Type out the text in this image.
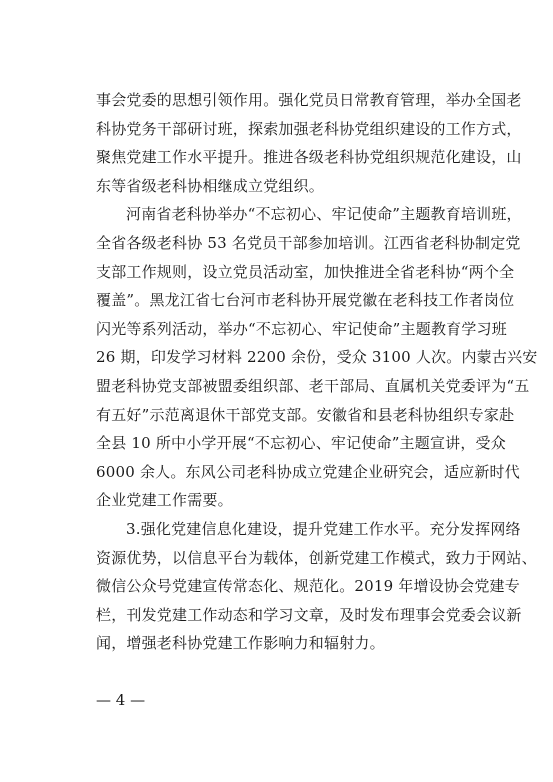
事会党委的思想引领作用。强化党员日常教育管理，举办全国老
科协党务干部研讨班，探索加强老科协党组织建设的工作方式，
聚焦党建工作水平提升。推进各级老科协党组织规范化建设，山
东等省级老科协相继成立党组织。
河南省老科协举办“不忘初心、牢记使命”主题教育培训班，
全省各级老科协 53 名党员干部参加培训。江西省老科协制定党
支部工作规则，设立党员活动室，加快推进全省老科协“两个全
覆盖”。黑龙江省七台河市老科协开展党徽在老科技工作者岗位
闪光等系列活动，举办“不忘初心、牢记使命”主题教育学习班
26 期，印发学习材料 2200 余份，受众 3100 人次。内蒙古兴安
盟老科协党支部被盟委组织部、老干部局、直属机关党委评为“五
有五好”示范离退休干部党支部。安徽省和县老科协组织专家赴
全县 10 所中小学开展“不忘初心、牢记使命”主题宣讲，受众
6000 余人。东风公司老科协成立党建企业研究会，适应新时代
企业党建工作需要。
3.强化党建信息化建设，提升党建工作水平。充分发挥网络
资源优势，以信息平台为载体，创新党建工作模式，致力于网站、
微信公众号党建宣传常态化、规范化。2019 年增设协会党建专
栏，刊发党建工作动态和学习文章，及时发布理事会党委会议新
闻，增强老科协党建工作影响力和辐射力。
— 4 —
